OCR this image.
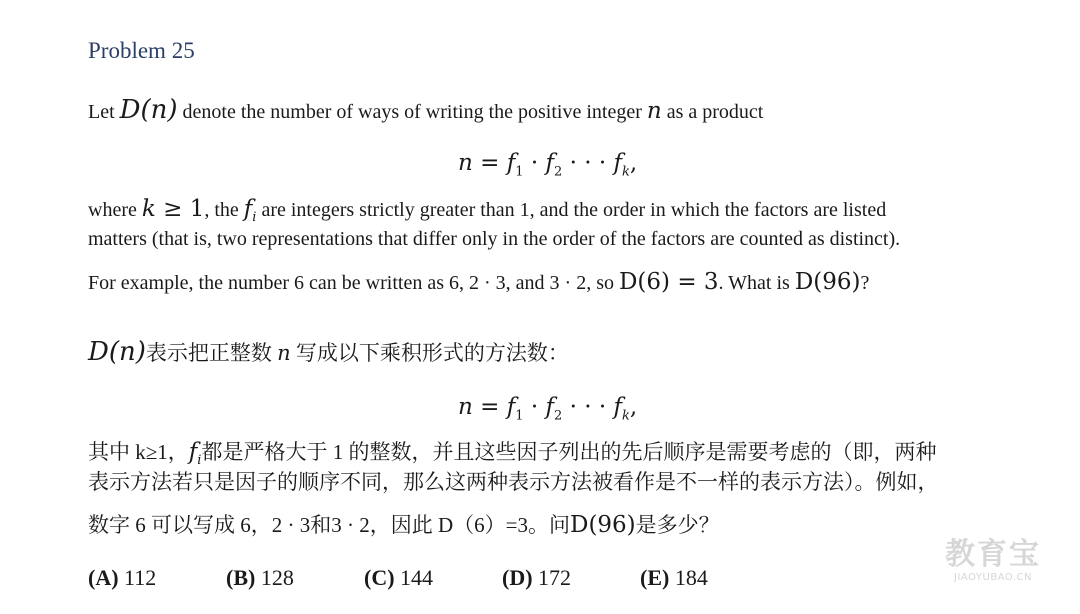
Problem 25
Let D(n) denote the number of ways of writing the positive integer n as a product
$n = f_1 \cdot f_2$ · · · $f_k$,
where k ≥ 1, the $f_i$ are integers strictly greater than 1, and the order in which the factors are listed
matters (that is, two representations that differ only in the order of the factors are counted as distinct).
For example, the number 6 can be written as 6, 2 · 3, and 3 · 2, so D(6) = 3. What is D(96)?
D(n)表示把正整数 n 写成以下乘积形式的方法数：
$n = f_1 \cdot f_2$ · · · $f_k$,
其中 k≥1，$f_i$都是严格大于 1 的整数，并且这些因子列出的先后顺序是需要考虑的（即，两种
表示方法若只是因子的顺序不同，那么这两种表示方法被看作是不一样的表示方法）。例如，
数字 6 可以写成 6，2 · 3和3 · 2，因此 D（6）=3。问D(96)是多少？
(A) 112	(B) 128	(C) 144	(D) 172	(E) 184
教育宝
JIAOYUBAO.CN
